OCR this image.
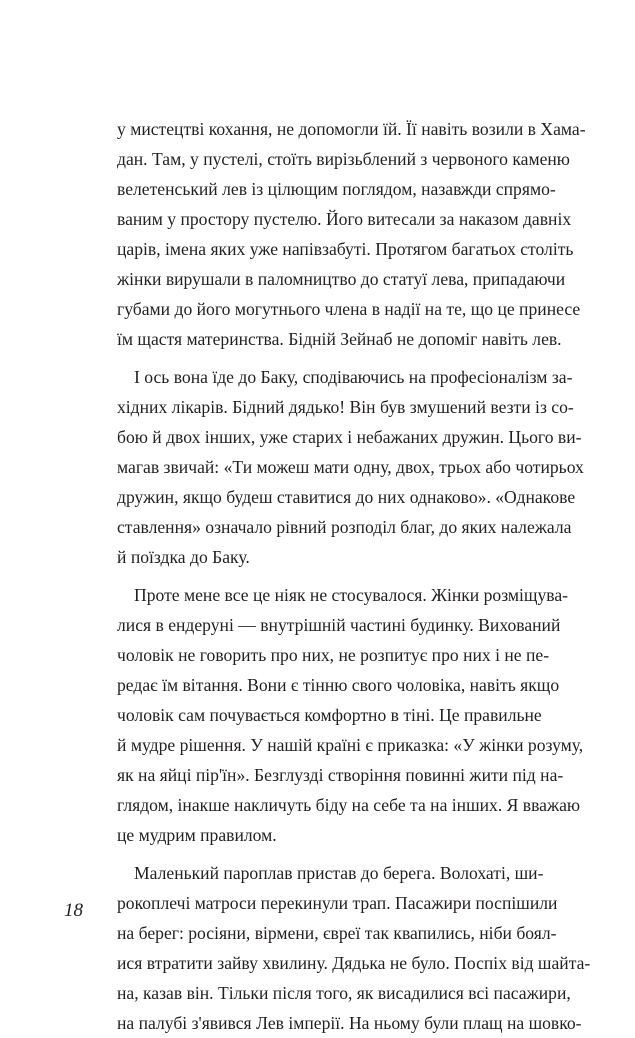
у мистецтві кохання, не допомогли їй. Її навіть возили в Хама-
дан. Там, у пустелі, стоїть вирізьблений з червоного каменю
велетенський лев із цілющим поглядом, назавжди спрямо-
ваним у простору пустелю. Його витесали за наказом давніх
царів, імена яких уже напівзабуті. Протягом багатьох століть
жінки вирушали в паломництво до статуї лева, припадаючи
губами до його могутнього члена в надії на те, що це принесе
їм щастя материнства. Бідній Зейнаб не допоміг навіть лев.
І ось вона їде до Баку, сподіваючись на професіоналізм за-
хідних лікарів. Бідний дядько! Він був змушений везти із со-
бою й двох інших, уже старих і небажаних дружин. Цього ви-
магав звичай: «Ти можеш мати одну, двох, трьох або чотирьох
дружин, якщо будеш ставитися до них однаково». «Однакове
ставлення» означало рівний розподіл благ, до яких належала
й поїздка до Баку.
Проте мене все це ніяк не стосувалося. Жінки розміщува-
лися в ендеруні — внутрішній частині будинку. Вихований
чоловік не говорить про них, не розпитує про них і не пе-
редає їм вітання. Вони є тінню свого чоловіка, навіть якщо
чоловік сам почувається комфортно в тіні. Це правильне
й мудре рішення. У нашій країні є приказка: «У жінки розуму,
як на яйці пір'їн». Безглузді створіння повинні жити під на-
глядом, інакше накличуть біду на себе та на інших. Я вважаю
це мудрим правилом.
Маленький пароплав пристав до берега. Волохаті, ши-
рокоплечі матроси перекинули трап. Пасажири поспішили
на берег: росіяни, вірмени, євреї так квапились, ніби боял-
ися втратити зайву хвилину. Дядька не було. Поспіх від шайта-
на, казав він. Тільки після того, як висадилися всі пасажири,
на палубі з'явився Лев імперії. На ньому були плащ на шовко-
18
